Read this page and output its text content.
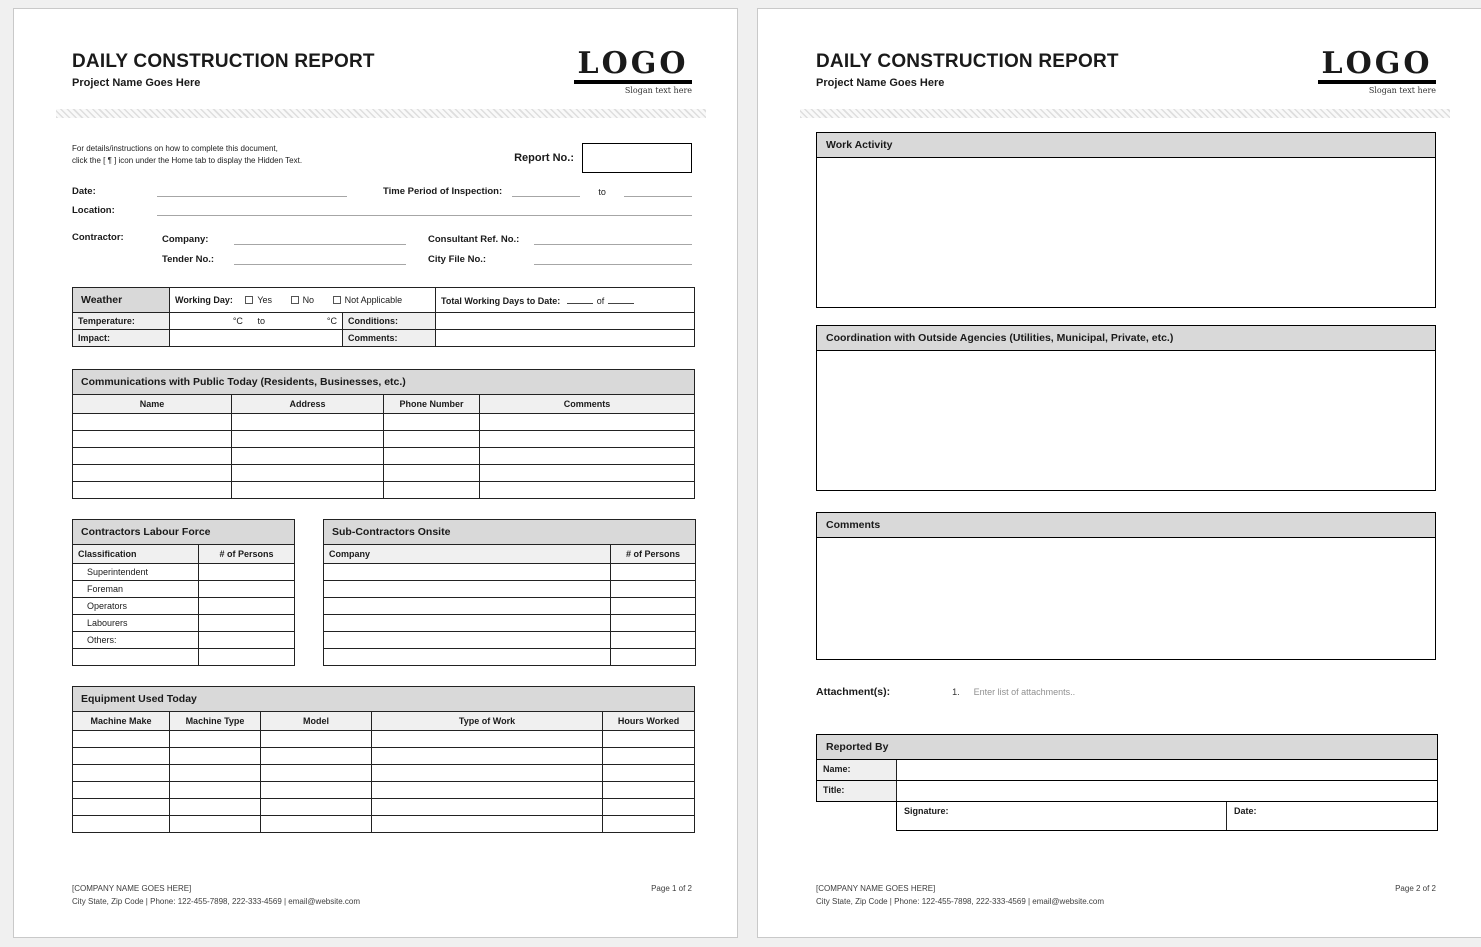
DAILY CONSTRUCTION REPORT
Project Name Goes Here
LOGO
Slogan text here
For details/instructions on how to complete this document,
click the [ ¶ ] icon under the Home tab to display the Hidden Text.	Report No.:
Date:	Time Period of Inspection:	to
Location:
Contractor:	Company:	Consultant Ref. No.:
Tender No.:	City File No.:
Weather	Working Day: Yes No Not Applicable		Total Working Days to Date: of
Temperature:	°C to °C	Conditions:	
Impact:		Comments:	
Communications with Public Today (Residents, Businesses, etc.)			
Name	Address	Phone Number	Comments

Contractors Labour Force	
Classification	# of Persons
Superintendent	
Foreman	
Operators	
Labourers	
Others:	

Sub-Contractors Onsite	
Company	# of Persons

Equipment Used Today				
Machine Make	Machine Type	Model	Type of Work	Hours Worked

[COMPANY NAME GOES HERE]
City State, Zip Code | Phone: 122-455-7898, 222-333-4569 | email@website.com
Page 1 of 2
DAILY CONSTRUCTION REPORT
Project Name Goes Here
LOGO
Slogan text here
Work Activity
Coordination with Outside Agencies (Utilities, Municipal, Private, etc.)
Comments
Attachment(s):	1. Enter list of attachments..
Reported By
Name:
Title:
Signature:	Date:
[COMPANY NAME GOES HERE]
City State, Zip Code | Phone: 122-455-7898, 222-333-4569 | email@website.com
Page 2 of 2
